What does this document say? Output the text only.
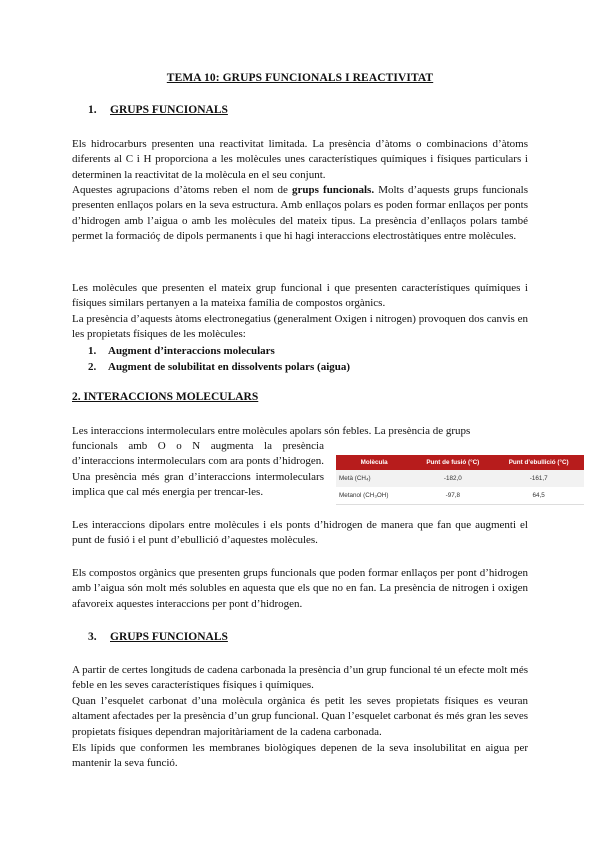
TEMA 10: GRUPS FUNCIONALS I REACTIVITAT
1. GRUPS FUNCIONALS

Els hidrocarburs presenten una reactivitat limitada. La presència d’àtoms o combinacions d’àtoms diferents al C i H proporciona a les molècules unes característiques químiques i físiques particulars i determinen la reactivitat de la molècula en el seu conjunt.

Aquestes agrupacions d’àtoms reben el nom de grups funcionals. Molts d’aquests grups funcionals presenten enllaços polars en la seva estructura. Amb enllaços polars es poden formar enllaços per ponts d’hidrogen amb l’aigua o amb les molècules del mateix tipus. La presència d’enllaços polars també permet la formacióç de dipols permanents i que hi hagi interaccions electrostàtiques entre molècules.

Les molècules que presenten el mateix grup funcional i que presenten característiques químiques i físiques similars pertanyen a la mateixa família de compostos orgànics.

La presència d’aquests àtoms electronegatius (generalment Oxigen i nitrogen) provoquen dos canvis en les propietats físiques de les molècules:

1. Augment d’interaccions moleculars
2. Augment de solubilitat en dissolvents polars (aigua)
2. INTERACCIONS MOLECULARS

Les interaccions intermoleculars entre molècules apolars són febles. La presència de grups

funcionals amb O o N augmenta la presència d’interaccions intermoleculars com ara ponts d’hidrogen. Una presència més gran d’interaccions intermoleculars implica que cal més energia per trencar-les.

Molècula	Punt de fusió (°C)	Punt d’ebullició (°C)
Metà (CH₄)	-182,0	-161,7
Metanol (CH₃OH)	-97,8	64,5

Les interaccions dipolars entre molècules i els ponts d’hidrogen de manera que fan que augmenti el punt de fusió i el punt d’ebullició d’aquestes molècules.

Els compostos orgànics que presenten grups funcionals que poden formar enllaços per pont d’hidrogen amb l’aigua són molt més solubles en aquesta que els que no en fan. La presència de nitrogen i oxigen afavoreix aquestes interaccions per pont d’hidrogen.

3. GRUPS FUNCIONALS

A partir de certes longituds de cadena carbonada la presència d’un grup funcional té un efecte molt més feble en les seves característiques físiques i químiques.

Quan l’esquelet carbonat d’una molècula orgànica és petit les seves propietats físiques es veuran altament afectades per la presència d’un grup funcional. Quan l’esquelet carbonat és més gran les seves propietats físiques dependran majoritàriament de la cadena carbonada.

Els lípids que conformen les membranes biològiques depenen de la seva insolubilitat en aigua per mantenir la seva funció.
